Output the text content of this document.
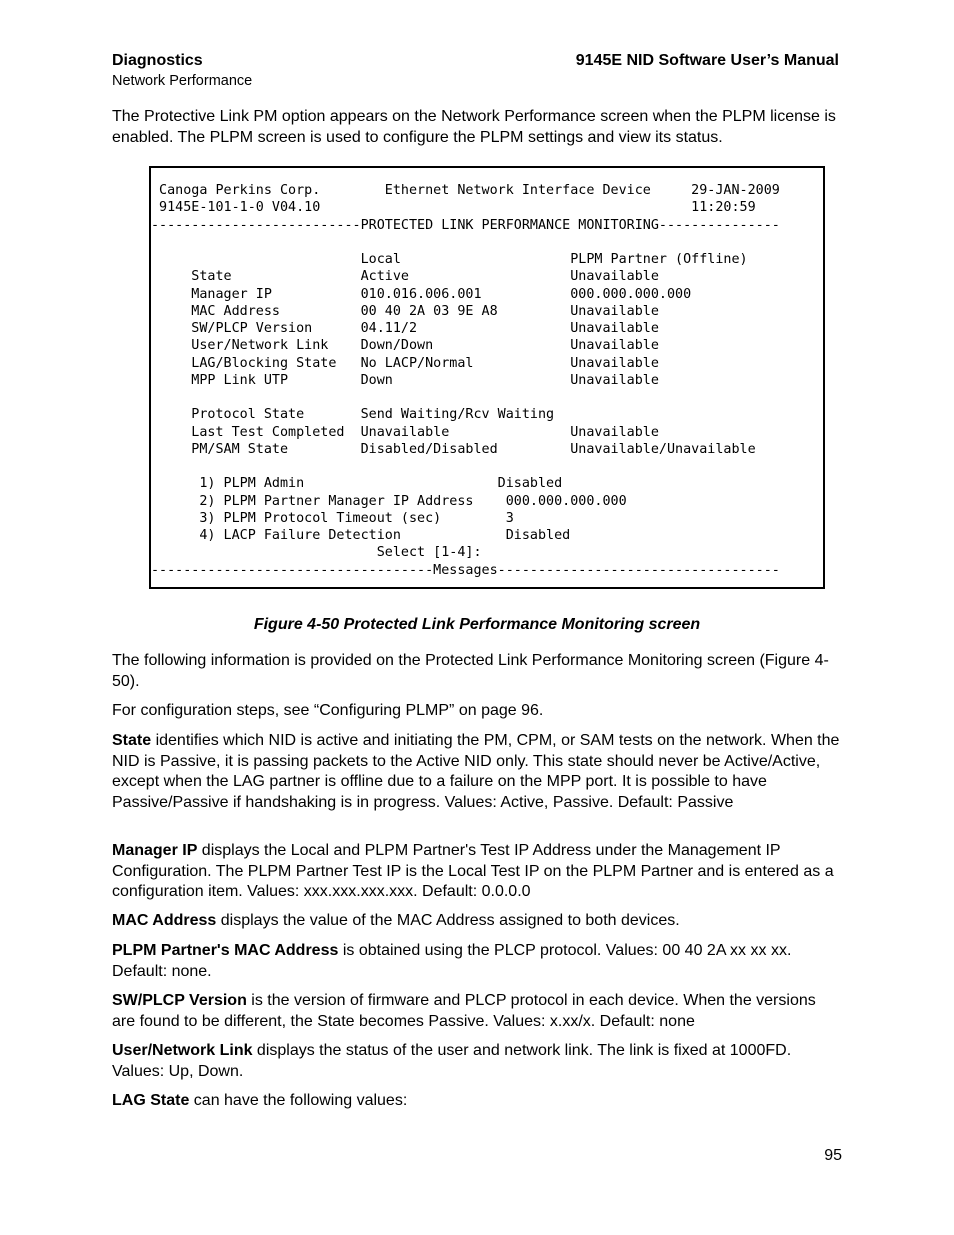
Diagnostics
Network Performance
9145E NID Software User’s Manual

The Protective Link PM option appears on the Network Performance screen when the PLPM license is enabled. The PLPM screen is used to configure the PLPM settings and view its status.

Canoga Perkins Corp.        Ethernet Network Interface Device     29-JAN-2009
9145E-101-1-0 V04.10                                              11:20:59
--------------------------PROTECTED LINK PERFORMANCE MONITORING---------------
Local                     PLPM Partner (Offline)
State                Active                    Unavailable
Manager IP           010.016.006.001           000.000.000.000
MAC Address          00 40 2A 03 9E A8         Unavailable
SW/PLCP Version      04.11/2                   Unavailable
User/Network Link    Down/Down                 Unavailable
LAG/Blocking State   No LACP/Normal            Unavailable
MPP Link UTP         Down                      Unavailable
Protocol State       Send Waiting/Rcv Waiting
Last Test Completed  Unavailable               Unavailable
PM/SAM State         Disabled/Disabled         Unavailable/Unavailable
1) PLPM Admin                        Disabled
2) PLPM Partner Manager IP Address    000.000.000.000
3) PLPM Protocol Timeout (sec)        3
4) LACP Failure Detection             Disabled
Select [1-4]:
-----------------------------------Messages-----------------------------------
Figure 4-50 Protected Link Performance Monitoring screen

The following information is provided on the Protected Link Performance Monitoring screen (Figure 4-50).

For configuration steps, see “Configuring PLMP” on page 96.

State identifies which NID is active and initiating the PM, CPM, or SAM tests on the network. When the NID is Passive, it is passing packets to the Active NID only. This state should never be Active/Active, except when the LAG partner is offline due to a failure on the MPP port. It is possible to have Passive/Passive if handshaking is in progress. Values: Active, Passive. Default: Passive

Manager IP displays the Local and PLPM Partner's Test IP Address under the Management IP Configuration. The PLPM Partner Test IP is the Local Test IP on the PLPM Partner and is entered as a configuration item. Values: xxx.xxx.xxx.xxx. Default: 0.0.0.0

MAC Address displays the value of the MAC Address assigned to both devices.

PLPM Partner's MAC Address is obtained using the PLCP protocol. Values: 00 40 2A xx xx xx. Default: none.

SW/PLCP Version is the version of firmware and PLCP protocol in each device. When the versions are found to be different, the State becomes Passive. Values: x.xx/x. Default: none

User/Network Link displays the status of the user and network link. The link is fixed at 1000FD. Values: Up, Down.

LAG State can have the following values:

95
